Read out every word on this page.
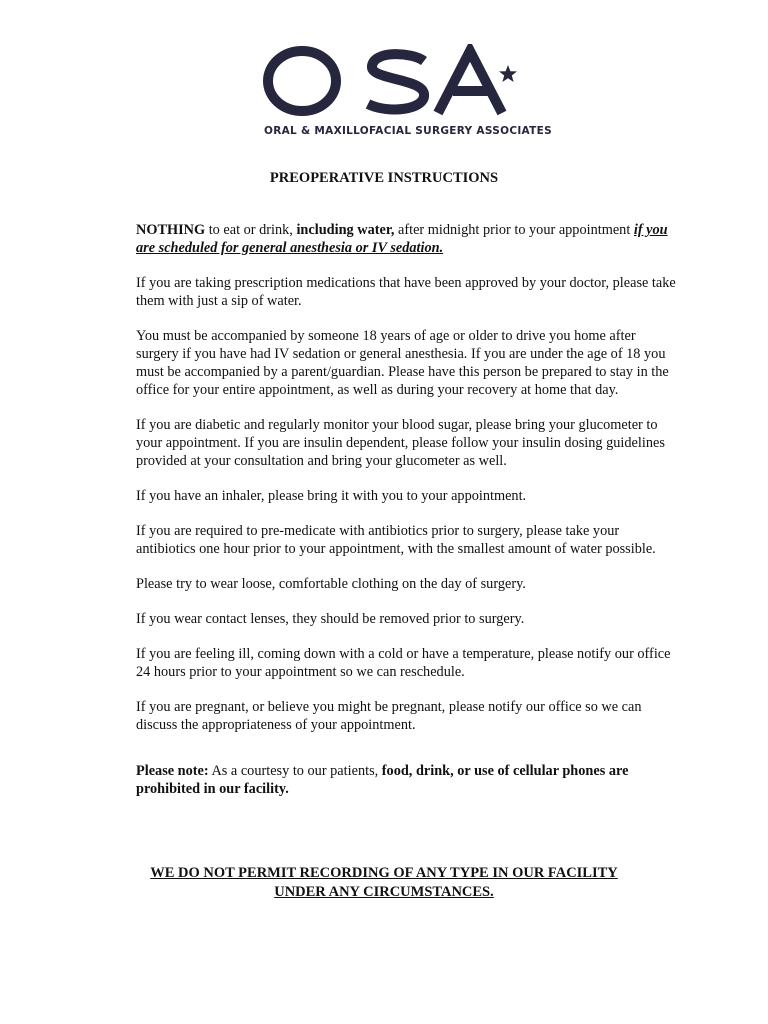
ORAL & MAXILLOFACIAL SURGERY ASSOCIATES
PREOPERATIVE INSTRUCTIONS

NOTHING to eat or drink, including water, after midnight prior to your appointment if you are scheduled for general anesthesia or IV sedation.

If you are taking prescription medications that have been approved by your doctor, please take them with just a sip of water.

You must be accompanied by someone 18 years of age or older to drive you home after surgery if you have had IV sedation or general anesthesia. If you are under the age of 18 you must be accompanied by a parent/guardian. Please have this person be prepared to stay in the office for your entire appointment, as well as during your recovery at home that day.

If you are diabetic and regularly monitor your blood sugar, please bring your glucometer to your appointment. If you are insulin dependent, please follow your insulin dosing guidelines provided at your consultation and bring your glucometer as well.

If you have an inhaler, please bring it with you to your appointment.

If you are required to pre-medicate with antibiotics prior to surgery, please take your antibiotics one hour prior to your appointment, with the smallest amount of water possible.

Please try to wear loose, comfortable clothing on the day of surgery.

If you wear contact lenses, they should be removed prior to surgery.

If you are feeling ill, coming down with a cold or have a temperature, please notify our office 24 hours prior to your appointment so we can reschedule.

If you are pregnant, or believe you might be pregnant, please notify our office so we can discuss the appropriateness of your appointment.

Please note: As a courtesy to our patients, food, drink, or use of cellular phones are prohibited in our facility.

WE DO NOT PERMIT RECORDING OF ANY TYPE IN OUR FACILITY
UNDER ANY CIRCUMSTANCES.
